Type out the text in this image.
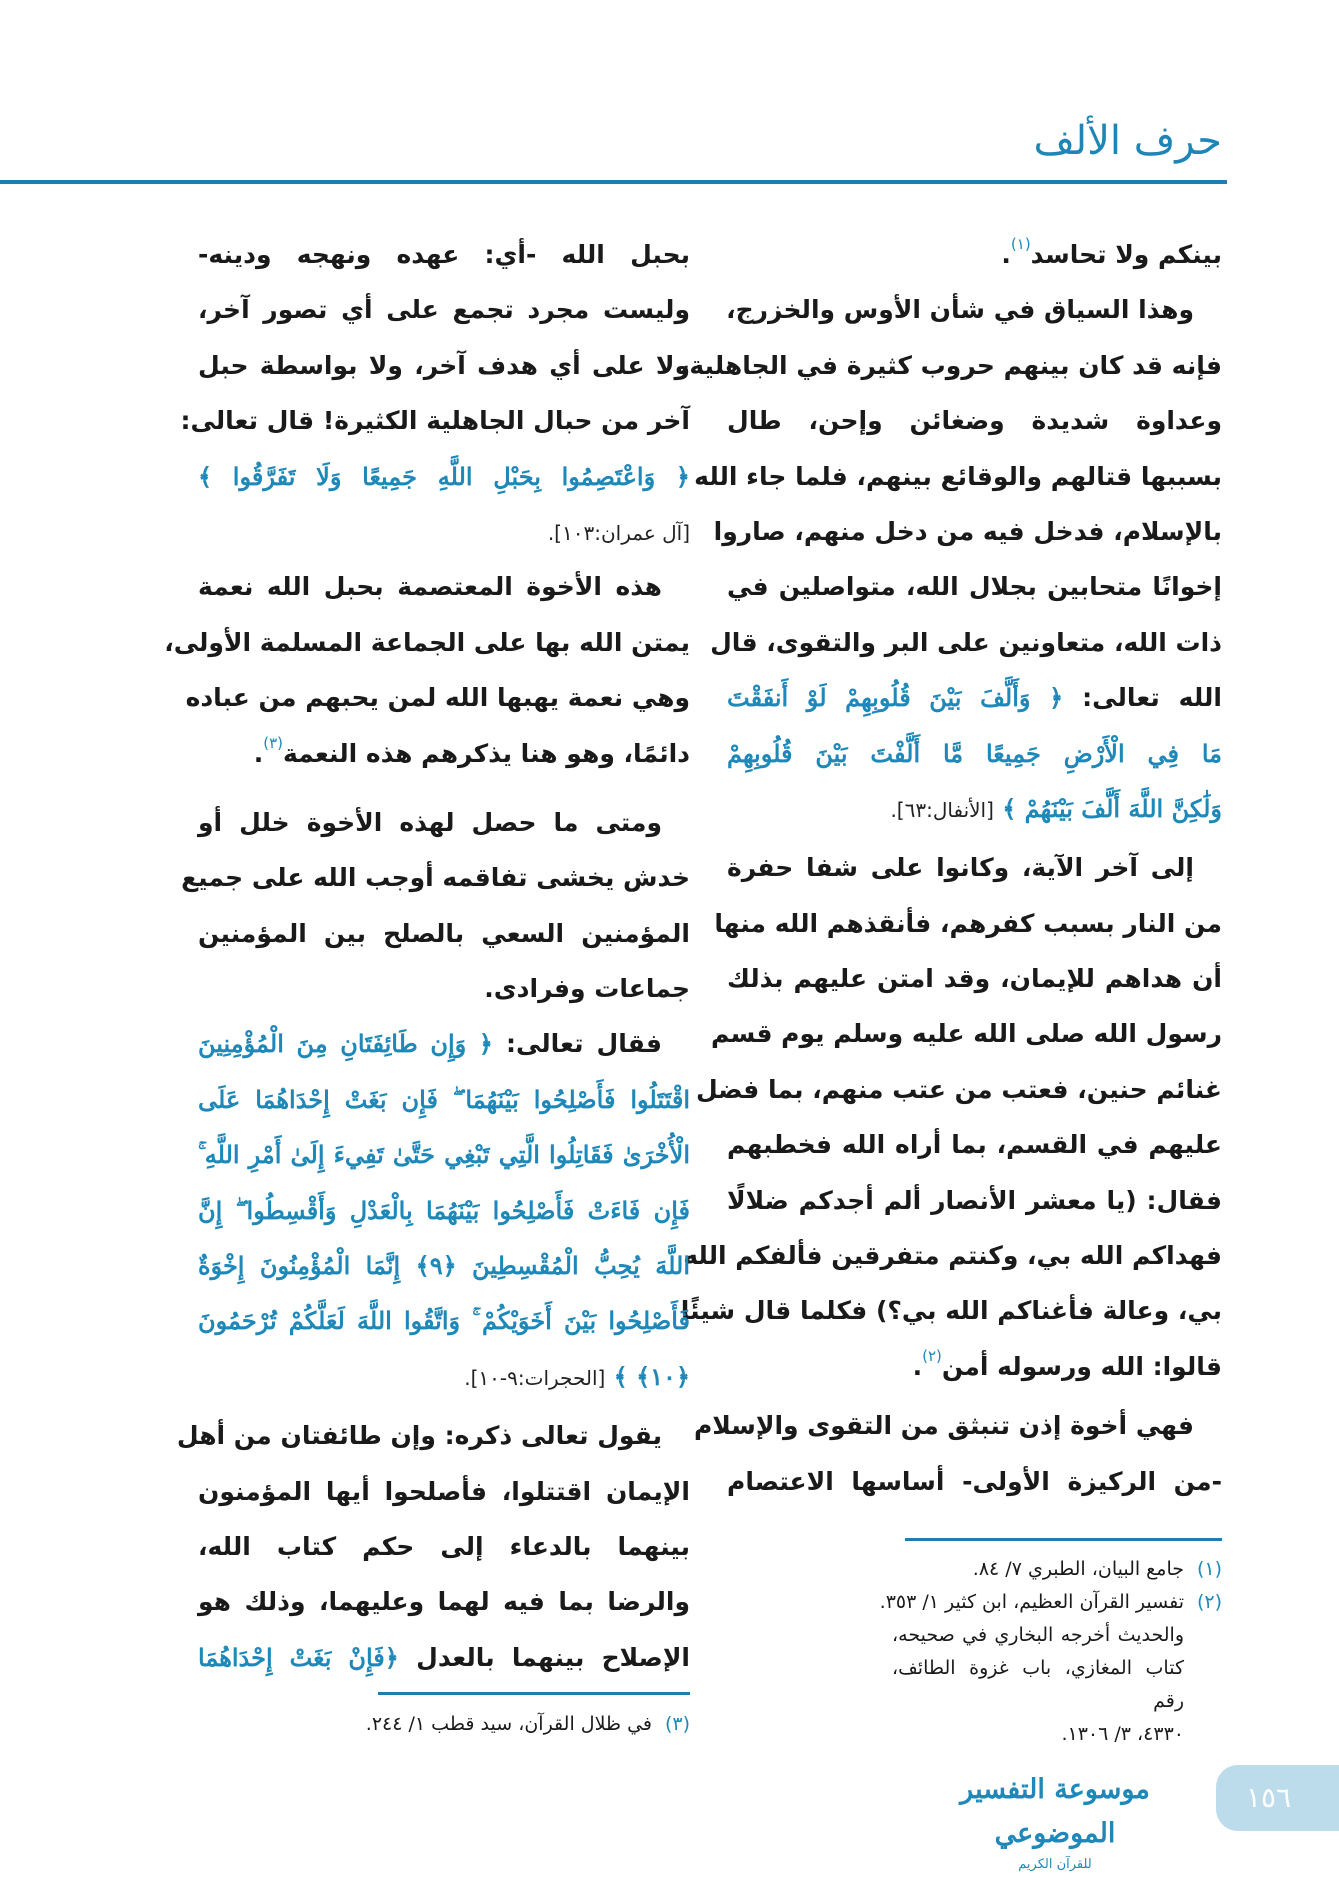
حرف الألف
بينكم ولا تحاسد$^{(١)}$.
وهذا السياق في شأن الأوس والخزرج،
فإنه قد كان بينهم حروب كثيرة في الجاهلية،
وعداوة شديدة وضغائن وإحن، طال
بسببها قتالهم والوقائع بينهم، فلما جاء الله
بالإسلام، فدخل فيه من دخل منهم، صاروا
إخوانًا متحابين بجلال الله، متواصلين في
ذات الله، متعاونين على البر والتقوى، قال
الله تعالى: ﴿ وَأَلَّفَ بَيْنَ قُلُوبِهِمْ لَوْ أَنفَقْتَ
مَا فِي الْأَرْضِ جَمِيعًا مَّا أَلَّفْتَ بَيْنَ قُلُوبِهِمْ
وَلَٰكِنَّ اللَّهَ أَلَّفَ بَيْنَهُمْ ﴾ [الأنفال:٦٣].
إلى آخر الآية، وكانوا على شفا حفرة
من النار بسبب كفرهم، فأنقذهم الله منها
أن هداهم للإيمان، وقد امتن عليهم بذلك
رسول الله صلى الله عليه وسلم يوم قسم
غنائم حنين، فعتب من عتب منهم، بما فضل
عليهم في القسم، بما أراه الله فخطبهم
فقال: (يا معشر الأنصار ألم أجدكم ضلالًا
فهداكم الله بي، وكنتم متفرقين فألفكم الله
بي، وعالة فأغناكم الله بي؟) فكلما قال شيئًا
قالوا: الله ورسوله أمن$^{(٢)}$.
فهي أخوة إذن تنبثق من التقوى والإسلام
-من الركيزة الأولى- أساسها الاعتصام
بحبل الله -أي: عهده ونهجه ودينه-
وليست مجرد تجمع على أي تصور آخر،
ولا على أي هدف آخر، ولا بواسطة حبل
آخر من حبال الجاهلية الكثيرة! قال تعالى:
﴿ وَاعْتَصِمُوا بِحَبْلِ اللَّهِ جَمِيعًا وَلَا تَفَرَّقُوا ﴾
[آل عمران:١٠٣].
هذه الأخوة المعتصمة بحبل الله نعمة
يمتن الله بها على الجماعة المسلمة الأولى،
وهي نعمة يهبها الله لمن يحبهم من عباده
دائمًا، وهو هنا يذكرهم هذه النعمة$^{(٣)}$.
ومتى ما حصل لهذه الأخوة خلل أو
خدش يخشى تفاقمه أوجب الله على جميع
المؤمنين السعي بالصلح بين المؤمنين
جماعات وفرادى.
فقال تعالى: ﴿ وَإِن طَائِفَتَانِ مِنَ الْمُؤْمِنِينَ
اقْتَتَلُوا فَأَصْلِحُوا بَيْنَهُمَا ۖ فَإِن بَغَتْ إِحْدَاهُمَا عَلَى
الْأُخْرَىٰ فَقَاتِلُوا الَّتِي تَبْغِي حَتَّىٰ تَفِيءَ إِلَىٰ أَمْرِ اللَّهِ ۚ
فَإِن فَاءَتْ فَأَصْلِحُوا بَيْنَهُمَا بِالْعَدْلِ وَأَقْسِطُوا ۖ إِنَّ
اللَّهَ يُحِبُّ الْمُقْسِطِينَ ﴿٩﴾ إِنَّمَا الْمُؤْمِنُونَ إِخْوَةٌ
فَأَصْلِحُوا بَيْنَ أَخَوَيْكُمْ ۚ وَاتَّقُوا اللَّهَ لَعَلَّكُمْ تُرْحَمُونَ
﴿١٠﴾ ﴾ [الحجرات:٩-١٠].
يقول تعالى ذكره: وإن طائفتان من أهل
الإيمان اقتتلوا، فأصلحوا أيها المؤمنون
بينهما بالدعاء إلى حكم كتاب الله،
والرضا بما فيه لهما وعليهما، وذلك هو
الإصلاح بينهما بالعدل ﴿فَإِنْ بَغَتْ إِحْدَاهُمَا
(١)جامع البيان، الطبري ٧/ ٨٤.
(٢)تفسير القرآن العظيم، ابن كثير ١/ ٣٥٣.
والحديث أخرجه البخاري في صحيحه،
كتاب المغازي، باب غزوة الطائف، رقم
٤٣٣٠، ٣/ ١٣٠٦.
(٣)في ظلال القرآن، سيد قطب ١/ ٢٤٤.
موسوعة التفسير الموضوعي
للقرآن الكريم
١٥٦
